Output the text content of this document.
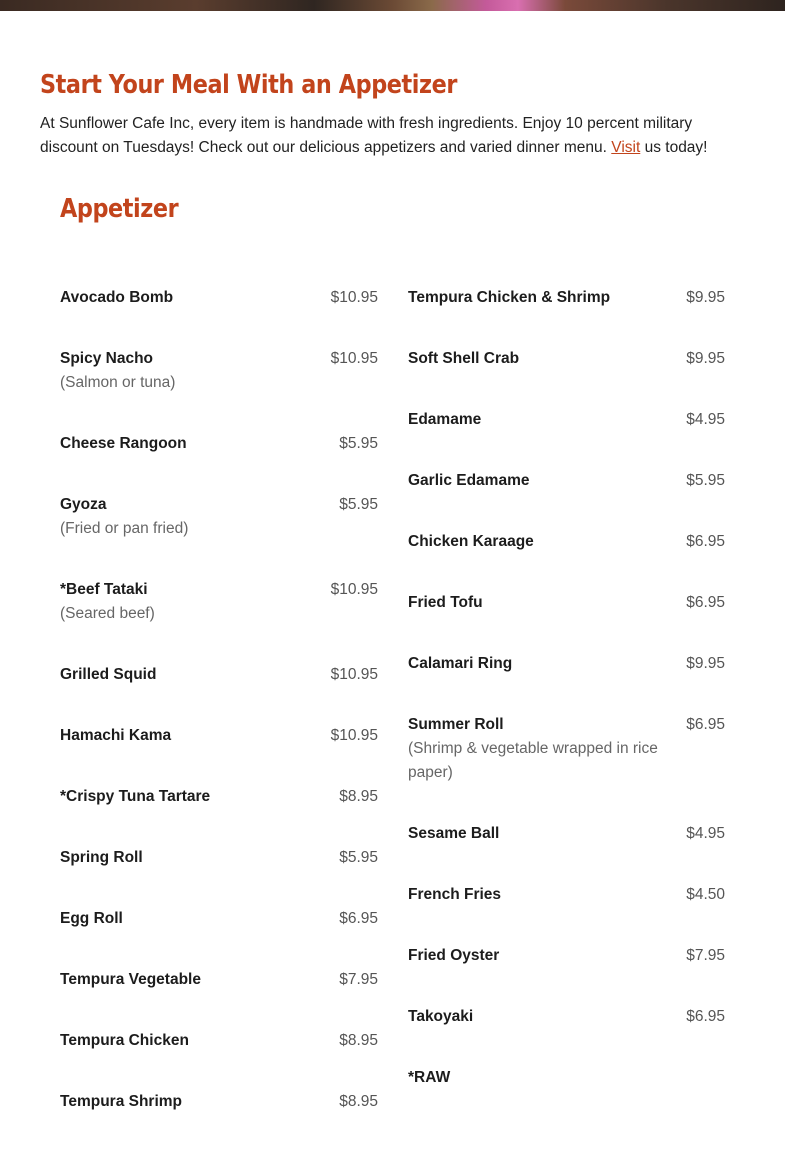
Start Your Meal With an Appetizer

At Sunflower Cafe Inc, every item is handmade with fresh ingredients. Enjoy 10 percent military discount on Tuesdays! Check out our delicious appetizers and varied dinner menu. Visit us today!

Appetizer
Avocado Bomb	$10.95
Spicy Nacho	$10.95
(Salmon or tuna)
Cheese Rangoon	$5.95
Gyoza	$5.95
(Fried or pan fried)
*Beef Tataki	$10.95
(Seared beef)
Grilled Squid	$10.95
Hamachi Kama	$10.95
*Crispy Tuna Tartare	$8.95
Spring Roll	$5.95
Egg Roll	$6.95
Tempura Vegetable	$7.95
Tempura Chicken	$8.95
Tempura Shrimp	$8.95
Tempura Chicken & Shrimp	$9.95
Soft Shell Crab	$9.95
Edamame	$4.95
Garlic Edamame	$5.95
Chicken Karaage	$6.95
Fried Tofu	$6.95
Calamari Ring	$9.95
Summer Roll	$6.95
(Shrimp & vegetable wrapped in rice paper)
Sesame Ball	$4.95
French Fries	$4.50
Fried Oyster	$7.95
Takoyaki	$6.95
*RAW
